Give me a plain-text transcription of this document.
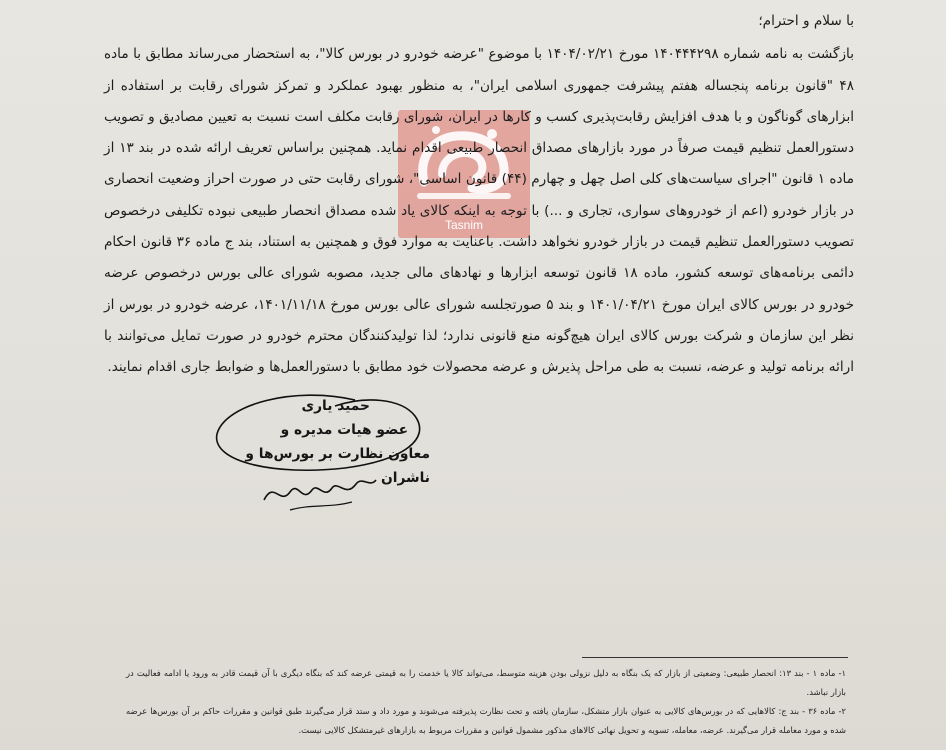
Tasnim

با سلام و احترام؛

بازگشت به نامه شماره ۱۴۰۴۴۴۲۹۸ مورخ ۱۴۰۴/۰۲/۲۱ با موضوع "عرضه خودرو در بورس کالا"، به استحضار می‌رساند مطابق با ماده ۴۸ "قانون برنامه پنجساله هفتم پیشرفت جمهوری اسلامی ایران"، به منظور بهبود عملکرد و تمرکز شورای رقابت بر استفاده از ابزارهای گوناگون و با هدف افزایش رقابت‌پذیری کسب و کارها در ایران، شورای رقابت مکلف است نسبت به تعیین مصادیق و تصویب دستورالعمل تنظیم قیمت صرفاً در مورد بازارهای مصداق انحصار طبیعی اقدام نماید. همچنین براساس تعریف ارائه شده در بند ۱۳ از ماده ۱ قانون "اجرای سیاست‌های کلی اصل چهل و چهارم (۴۴) قانون اساسی"، شورای رقابت حتی در صورت احراز وضعیت انحصاری در بازار خودرو (اعم از خودروهای سواری، تجاری و ...) با توجه به اینکه کالای یاد شده مصداق انحصار طبیعی نبوده تکلیفی درخصوص تصویب دستورالعمل تنظیم قیمت در بازار خودرو نخواهد داشت. باعنایت به موارد فوق و همچنین به استناد، بند ج ماده ۳۶ قانون احکام دائمی برنامه‌های توسعه کشور، ماده ۱۸ قانون توسعه ابزارها و نهادهای مالی جدید، مصوبه شورای عالی بورس درخصوص عرضه خودرو در بورس کالای ایران مورخ ۱۴۰۱/۰۴/۲۱ و بند ۵ صورتجلسه شورای عالی بورس مورخ ۱۴۰۱/۱۱/۱۸، عرضه خودرو در بورس از نظر این سازمان و شرکت بورس کالای ایران هیچ‌گونه منع قانونی ندارد؛ لذا تولیدکنندگان محترم خودرو در صورت تمایل می‌توانند با ارائه برنامه تولید و عرضه، نسبت به طی مراحل پذیرش و عرضه محصولات خود مطابق با دستورالعمل‌ها و ضوابط جاری اقدام نمایند.

حمید یاری
عضو هیات مدیره و
معاون نظارت بر بورس‌ها و ناشران

۱- ماده ۱ - بند ۱۳: انحصار طبیعی: وضعیتی از بازار که یک بنگاه به دلیل نزولی بودن هزینه متوسط، می‌تواند کالا یا خدمت را به قیمتی عرضه کند که بنگاه دیگری با آن قیمت قادر به ورود یا ادامه فعالیت در بازار نباشد.

۲- ماده ۳۶ - بند ج: کالاهایی که در بورس‌های کالایی به عنوان بازار متشکل، سازمان یافته و تحت نظارت پذیرفته می‌شوند و مورد داد و ستد قرار می‌گیرند طبق قوانین و مقررات حاکم بر آن بورس‌ها عرضه شده و مورد معامله قرار می‌گیرند. عرضه، معامله، تسویه و تحویل نهائی کالاهای مذکور مشمول قوانین و مقررات مربوط به بازارهای غیرمتشکل کالایی نیست.
